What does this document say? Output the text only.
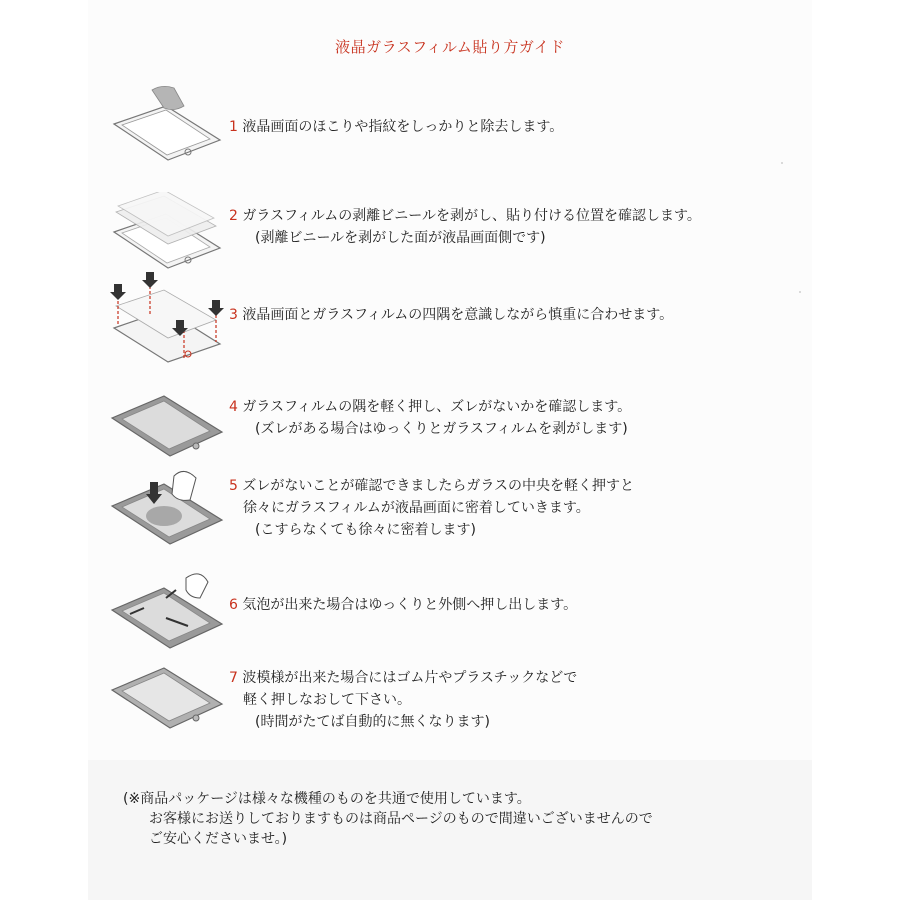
液晶ガラスフィルム貼り方ガイド
1 液晶画面のほこりや指紋をしっかりと除去します。
2 ガラスフィルムの剥離ビニールを剥がし、貼り付ける位置を確認します。
(剥離ビニールを剥がした面が液晶画面側です)
3 液晶画面とガラスフィルムの四隅を意識しながら慎重に合わせます。
4 ガラスフィルムの隅を軽く押し、ズレがないかを確認します。
(ズレがある場合はゆっくりとガラスフィルムを剥がします)
5 ズレがないことが確認できましたらガラスの中央を軽く押すと
徐々にガラスフィルムが液晶画面に密着していきます。
(こすらなくても徐々に密着します)
6 気泡が出来た場合はゆっくりと外側へ押し出します。
7 波模様が出来た場合にはゴム片やプラスチックなどで
軽く押しなおして下さい。
(時間がたてば自動的に無くなります)
(※商品パッケージは様々な機種のものを共通で使用しています。
お客様にお送りしておりますものは商品ページのもので間違いございませんので
ご安心くださいませ。)
